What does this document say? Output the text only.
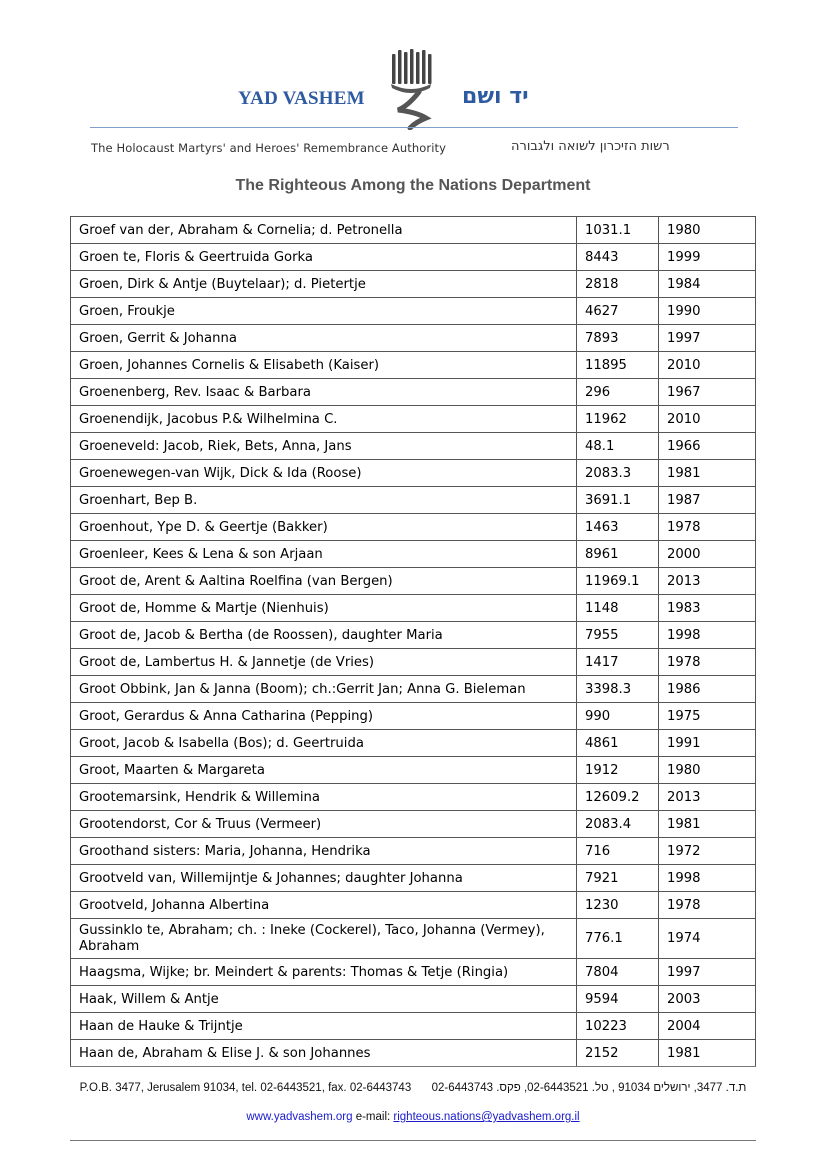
YAD VASHEM	יד ושם
The Holocaust Martyrs' and Heroes' Remembrance Authority	רשות הזיכרון לשואה ולגבורה
The Righteous Among the Nations Department
Groef van der, Abraham & Cornelia; d. Petronella	1031.1	1980
Groen te, Floris & Geertruida Gorka	8443	1999
Groen, Dirk & Antje (Buytelaar); d. Pietertje	2818	1984
Groen, Froukje	4627	1990
Groen, Gerrit & Johanna	7893	1997
Groen, Johannes Cornelis & Elisabeth (Kaiser)	11895	2010
Groenenberg, Rev. Isaac & Barbara	296	1967
Groenendijk, Jacobus P.& Wilhelmina C.	11962	2010
Groeneveld: Jacob, Riek, Bets, Anna, Jans	48.1	1966
Groenewegen-van Wijk, Dick & Ida (Roose)	2083.3	1981
Groenhart, Bep B.	3691.1	1987
Groenhout, Ype D. & Geertje (Bakker)	1463	1978
Groenleer, Kees & Lena & son Arjaan	8961	2000
Groot de, Arent & Aaltina Roelfina (van Bergen)	11969.1	2013
Groot de, Homme & Martje (Nienhuis)	1148	1983
Groot de, Jacob & Bertha (de Roossen), daughter Maria	7955	1998
Groot de, Lambertus H. & Jannetje (de Vries)	1417	1978
Groot Obbink, Jan & Janna (Boom); ch.:Gerrit Jan; Anna G. Bieleman	3398.3	1986
Groot, Gerardus & Anna Catharina (Pepping)	990	1975
Groot, Jacob & Isabella (Bos); d. Geertruida	4861	1991
Groot, Maarten & Margareta	1912	1980
Grootemarsink, Hendrik & Willemina	12609.2	2013
Grootendorst, Cor & Truus (Vermeer)	2083.4	1981
Groothand sisters: Maria, Johanna, Hendrika	716	1972
Grootveld van, Willemijntje & Johannes; daughter Johanna	7921	1998
Grootveld, Johanna Albertina	1230	1978
Gussinklo te, Abraham; ch. : Ineke (Cockerel), Taco, Johanna (Vermey), Abraham	776.1	1974
Haagsma, Wijke; br. Meindert & parents: Thomas & Tetje (Ringia)	7804	1997
Haak, Willem & Antje	9594	2003
Haan de Hauke & Trijntje	10223	2004
Haan de, Abraham & Elise J. & son Johannes	2152	1981
P.O.B. 3477, Jerusalem 91034, tel. 02-6443521, fax. 02-6443743 ת.ד. 3477, ירושלים 91034 , טל. 02-6443521, פקס. 02-6443743
www.yadvashem.org e-mail: righteous.nations@yadvashem.org.il
